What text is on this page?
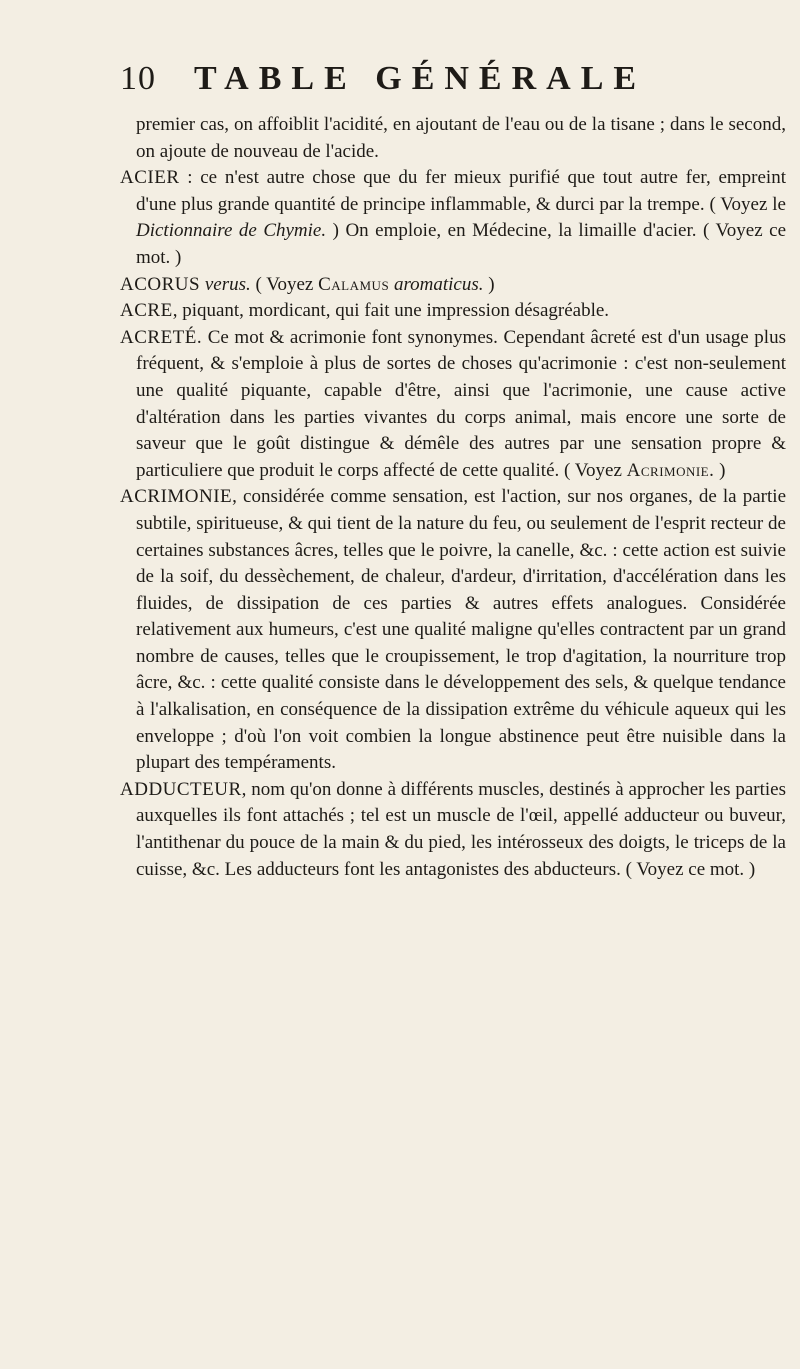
10 TABLE GÉNÉRALE

premier cas, on affoiblit l'acidité, en ajoutant de l'eau ou de la tisane ; dans le second, on ajoute de nouveau de l'acide.

ACIER : ce n'est autre chose que du fer mieux purifié que tout autre fer, empreint d'une plus grande quantité de principe inflammable, & durci par la trempe. ( Voyez le Dictionnaire de Chymie. ) On emploie, en Médecine, la limaille d'acier. ( Voyez ce mot. )

ACORUS verus. ( Voyez Calamus aromaticus. )

ACRE, piquant, mordicant, qui fait une impression désagréable.

ACRETÉ. Ce mot & acrimonie font synonymes. Cependant âcreté est d'un usage plus fréquent, & s'emploie à plus de sortes de choses qu'acrimonie : c'est non-seulement une qualité piquante, capable d'être, ainsi que l'acrimonie, une cause active d'altération dans les parties vivantes du corps animal, mais encore une sorte de saveur que le goût distingue & démêle des autres par une sensation propre & particuliere que produit le corps affecté de cette qualité. ( Voyez Acrimonie. )

ACRIMONIE, considérée comme sensation, est l'action, sur nos organes, de la partie subtile, spiritueuse, & qui tient de la nature du feu, ou seulement de l'esprit recteur de certaines substances âcres, telles que le poivre, la canelle, &c. : cette action est suivie de la soif, du dessèchement, de chaleur, d'ardeur, d'irritation, d'accélération dans les fluides, de dissipation de ces parties & autres effets analogues. Considérée relativement aux humeurs, c'est une qualité maligne qu'elles contractent par un grand nombre de causes, telles que le croupissement, le trop d'agitation, la nourriture trop âcre, &c. : cette qualité consiste dans le développement des sels, & quelque tendance à l'alkalisation, en conséquence de la dissipation extrême du véhicule aqueux qui les enveloppe ; d'où l'on voit combien la longue abstinence peut être nuisible dans la plupart des tempéraments.

ADDUCTEUR, nom qu'on donne à différents muscles, destinés à approcher les parties auxquelles ils font attachés ; tel est un muscle de l'œil, appellé adducteur ou buveur, l'antithenar du pouce de la main & du pied, les intérosseux des doigts, le triceps de la cuisse, &c. Les adducteurs font les antagonistes des abducteurs. ( Voyez ce mot. )
